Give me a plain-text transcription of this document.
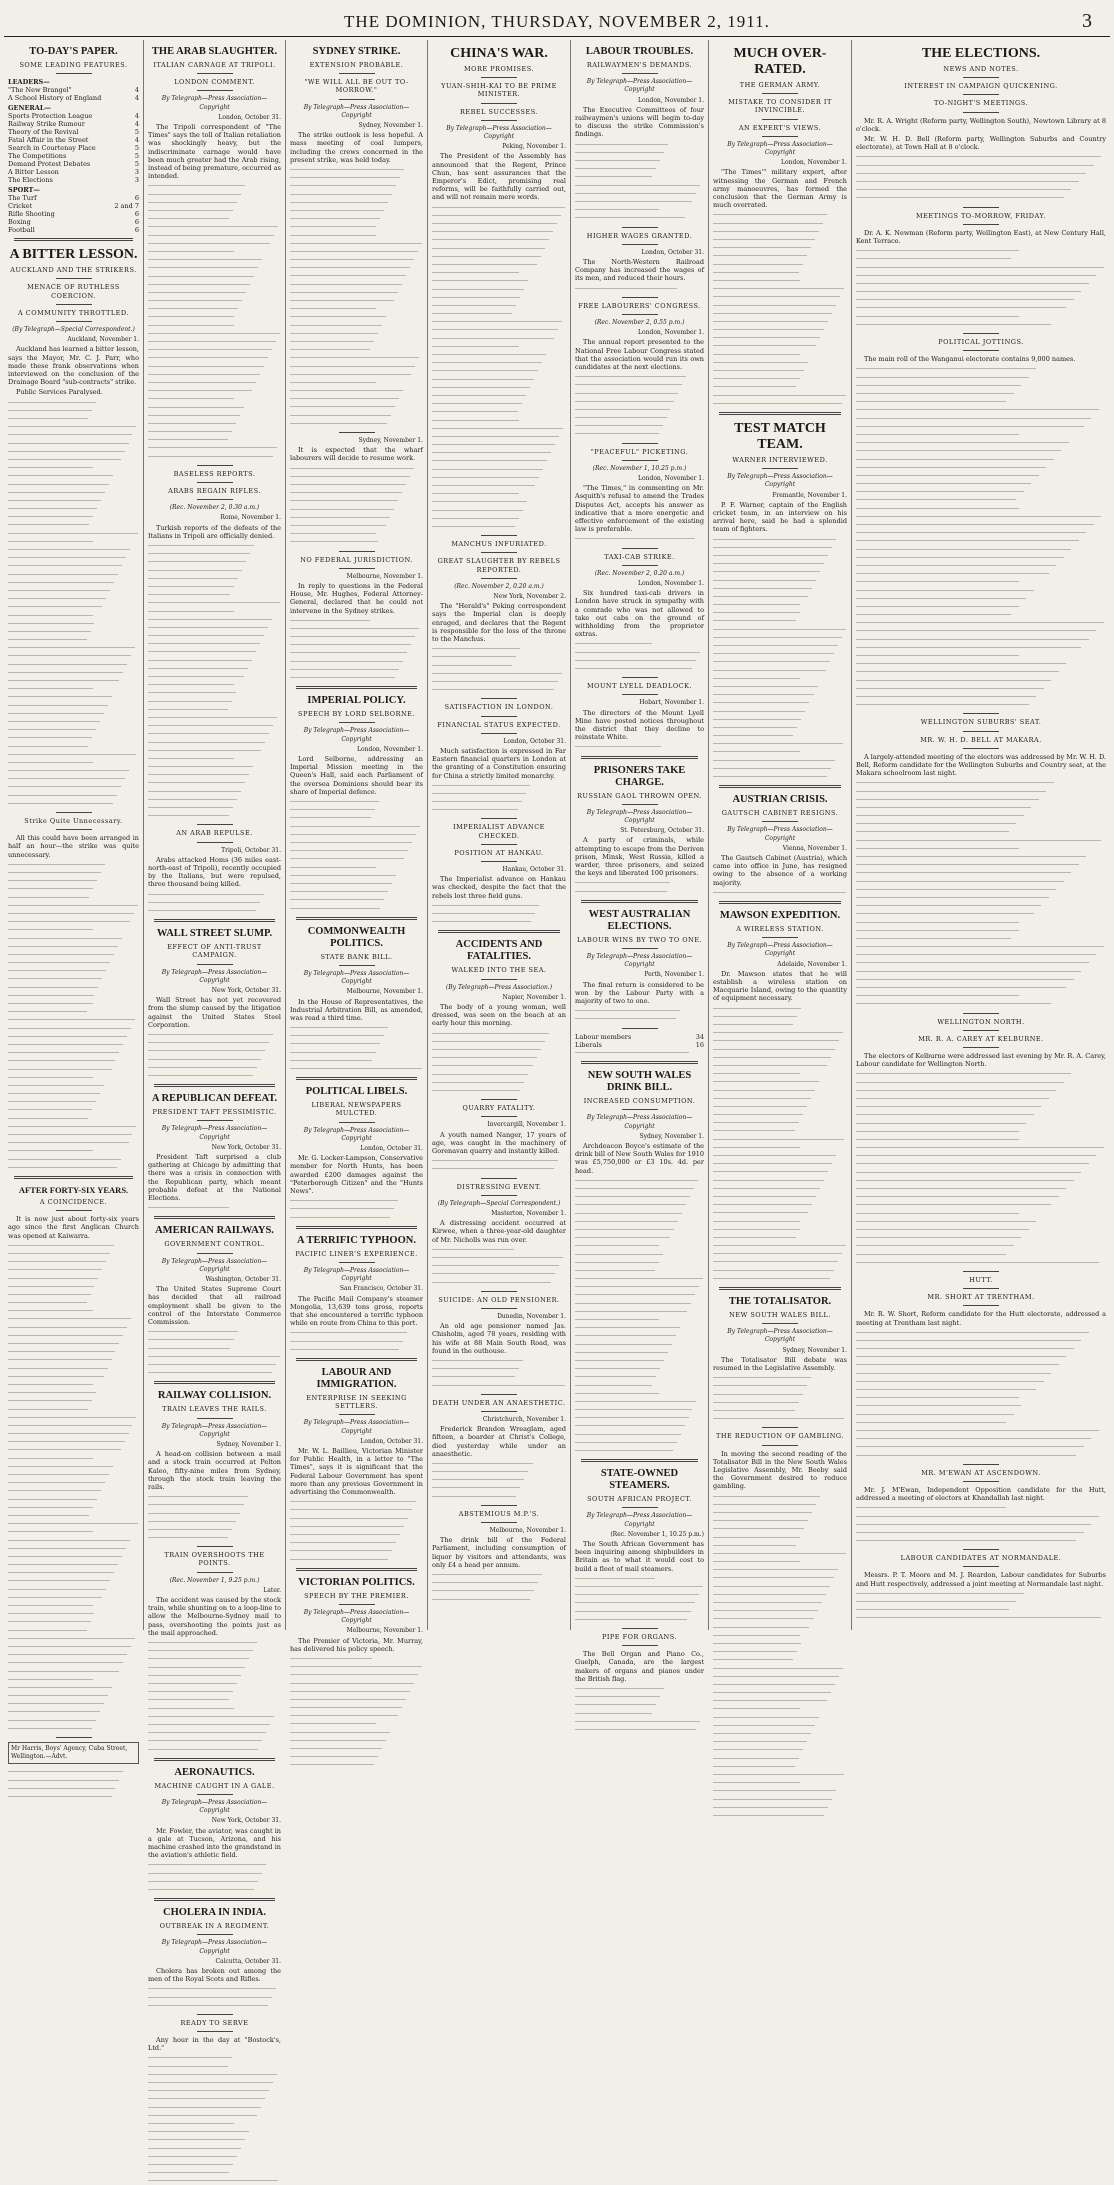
THE DOMINION, THURSDAY, NOVEMBER 2, 1911.	3
TO-DAY'S PAPER.
SOME LEADING FEATURES.
LEADERS—
"The New Brangel"	4
A School History of England	4
GENERAL—
Sports Protection League	4
Railway Strike Rumour	4
Theory of the Revival	5
Fatal Affair in the Street	4
Search in Courtenay Place	5
The Competitions	5
Demand Protest Debates	5
A Bitter Lesson	3
The Elections	3
SPORT—
The Turf	6
Cricket	2 and 7
Rifle Shooting	6
Boxing	6
Football	6
A BITTER LESSON.
AUCKLAND AND THE STRIKERS.
MENACE OF RUTHLESS COERCION.
A COMMUNITY THROTTLED.
(By Telegraph—Special Correspondent.)
Auckland, November 1.

Auckland has learned a bitter lesson, says the Mayor, Mr. C. J. Parr, who made these frank observations when interviewed on the conclusion of the Drainage Board "sub-contracts" strike.

Public Services Paralysed.

Strike Quite Unnecessary.

All this could have been arranged in half an hour—the strike was quite unnecessary.

AFTER FORTY-SIX YEARS.
A COINCIDENCE.

It is now just about forty-six years ago since the first Anglican Church was opened at Kaiwarra.

Mr Harris, Boys' Agency, Cuba Street, Wellington.—Advt.
THE ARAB SLAUGHTER.
ITALIAN CARNAGE AT TRIPOLI.
LONDON COMMENT.
By Telegraph—Press Association—Copyright
London, October 31.

The Tripoli correspondent of "The Times" says the toll of Italian retaliation was shockingly heavy, but the indiscriminate carnage would have been much greater had the Arab rising, instead of being premature, occurred as intended.

BASELESS REPORTS.
ARABS REGAIN RIFLES.
(Rec. November 2, 0.30 a.m.)
Rome, November 1.

Turkish reports of the defeats of the Italians in Tripoli are officially denied.

AN ARAB REPULSE.
Tripoli, October 31.

Arabs attacked Homs (36 miles east-north-east of Tripoli), recently occupied by the Italians, but were repulsed, three thousand being killed.

WALL STREET SLUMP.
EFFECT OF ANTI-TRUST CAMPAIGN.
By Telegraph—Press Association—Copyright
New York, October 31.

Wall Street has not yet recovered from the slump caused by the litigation against the United States Steel Corporation.

A REPUBLICAN DEFEAT.
PRESIDENT TAFT PESSIMISTIC.
By Telegraph—Press Association—Copyright
New York, October 31.

President Taft surprised a club gathering at Chicago by admitting that there was a crisis in connection with the Republican party, which meant probable defeat at the National Elections.

AMERICAN RAILWAYS.
GOVERNMENT CONTROL.
By Telegraph—Press Association—Copyright
Washington, October 31.

The United States Supreme Court has decided that all railroad employment shall be given to the control of the Interstate Commerce Commission.

RAILWAY COLLISION.
TRAIN LEAVES THE RAILS.
By Telegraph—Press Association—Copyright
Sydney, November 1.

A head-on collision between a mail and a stock train occurred at Pelton Kaleo, fifty-nine miles from Sydney, through the stock train leaving the rails.

TRAIN OVERSHOOTS THE POINTS.
(Rec. November 1, 9.25 p.m.)
Later.

The accident was caused by the stock train, while shunting on to a loop-line to allow the Melbourne-Sydney mail to pass, overshooting the points just as the mail approached.

AERONAUTICS.
MACHINE CAUGHT IN A GALE.
By Telegraph—Press Association—Copyright
New York, October 31.

Mr. Fowler, the aviator, was caught in a gale at Tucson, Arizona, and his machine crashed into the grandstand in the aviation's athletic field.

CHOLERA IN INDIA.
OUTBREAK IN A REGIMENT.
By Telegraph—Press Association—Copyright
Calcutta, October 31.

Cholera has broken out among the men of the Royal Scots and Rifles.

READY TO SERVE

Any hour in the day at "Bostock's, Ltd."

SYDNEY STRIKE.
EXTENSION PROBABLE.
"WE WILL ALL BE OUT TO-MORROW."
By Telegraph—Press Association—Copyright
Sydney, November 1.

The strike outlook is less hopeful. A mass meeting of coal lumpers, including the crews concerned in the present strike, was held today.

Sydney, November 1.

It is expected that the wharf labourers will decide to resume work.

NO FEDERAL JURISDICTION.
Melbourne, November 1.

In reply to questions in the Federal House, Mr. Hughes, Federal Attorney-General, declared that he could not intervene in the Sydney strikes.

IMPERIAL POLICY.
SPEECH BY LORD SELBORNE.
By Telegraph—Press Association—Copyright
London, November 1.

Lord Selborne, addressing an Imperial Mission meeting in the Queen's Hall, said each Parliament of the oversea Dominions should bear its share of Imperial defence.

COMMONWEALTH POLITICS.
STATE BANK BILL.
By Telegraph—Press Association—Copyright
Melbourne, November 1.

In the House of Representatives, the Industrial Arbitration Bill, as amended, was read a third time.

POLITICAL LIBELS.
LIBERAL NEWSPAPERS MULCTED.
By Telegraph—Press Association—Copyright
London, October 31.

Mr. G. Locker-Lampson, Conservative member for North Hunts, has been awarded £200 damages against the "Peterborough Citizen" and the "Hunts News".

A TERRIFIC TYPHOON.
PACIFIC LINER'S EXPERIENCE.
By Telegraph—Press Association—Copyright
San Francisco, October 31.

The Pacific Mail Company's steamer Mongolia, 13,639 tons gross, reports that she encountered a terrific typhoon while en route from China to this port.

LABOUR AND IMMIGRATION.
ENTERPRISE IN SEEKING SETTLERS.
By Telegraph—Press Association—Copyright
London, October 31.

Mr. W. L. Baillieu, Victorian Minister for Public Health, in a letter to "The Times", says it is significant that the Federal Labour Government has spent more than any previous Government in advertising the Commonwealth.

VICTORIAN POLITICS.
SPEECH BY THE PREMIER.
By Telegraph—Press Association—Copyright
Melbourne, November 1.

The Premier of Victoria, Mr. Murray, has delivered his policy speech.

CHINA'S WAR.
MORE PROMISES.
YUAN-SHIH-KAI TO BE PRIME MINISTER.
REBEL SUCCESSES.
By Telegraph—Press Association—Copyright
Peking, November 1.

The President of the Assembly has announced that the Regent, Prince Chun, has sent assurances that the Emperor's Edict, promising real reforms, will be faithfully carried out, and will not remain mere words.

MANCHUS INFURIATED.
GREAT SLAUGHTER BY REBELS REPORTED.
(Rec. November 2, 0.20 a.m.)
New York, November 2.

The "Herald's" Peking correspondent says the Imperial clan is deeply enraged, and declares that the Regent is responsible for the loss of the throne to the Manchus.

SATISFACTION IN LONDON.
FINANCIAL STATUS EXPECTED.
London, October 31.

Much satisfaction is expressed in Far Eastern financial quarters in London at the granting of a Constitution ensuring for China a strictly limited monarchy.

IMPERIALIST ADVANCE CHECKED.
POSITION AT HANKAU.
Hankau, October 31.

The Imperialist advance on Hankau was checked, despite the fact that the rebels lost three field guns.

ACCIDENTS AND FATALITIES.
WALKED INTO THE SEA.
(By Telegraph—Press Association.)
Napier, November 1.

The body of a young woman, well dressed, was seen on the beach at an early hour this morning.

QUARRY FATALITY.
Invercargill, November 1.

A youth named Nanger, 17 years of age, was caught in the machinery of Gorenavan quarry and instantly killed.

DISTRESSING EVENT.
(By Telegraph—Special Correspondent.)
Masterton, November 1.

A distressing accident occurred at Kirwee, when a three-year-old daughter of Mr. Nicholls was run over.

SUICIDE: AN OLD PENSIONER.
Dunedin, November 1.

An old age pensioner named Jas. Chisholm, aged 78 years, residing with his wife at 88 Main South Road, was found in the outhouse.

DEATH UNDER AN ANAESTHETIC.
Christchurch, November 1.

Frederick Brandon Wreaglam, aged fifteen, a boarder at Christ's College, died yesterday while under an anaesthetic.

ABSTEMIOUS M.P.'S.
Melbourne, November 1.

The drink bill of the Federal Parliament, including consumption of liquor by visitors and attendants, was only £4 a head per annum.

LABOUR TROUBLES.
RAILWAYMEN'S DEMANDS.
By Telegraph—Press Association—Copyright
London, November 1.

The Executive Committees of four railwaymen's unions will begin to-day to discuss the strike Commission's findings.

HIGHER WAGES GRANTED.
London, October 31.

The North-Western Railroad Company has increased the wages of its men, and reduced their hours.

FREE LABOURERS' CONGRESS.
(Rec. November 2, 0.55 p.m.)
London, November 1.

The annual report presented to the National Free Labour Congress stated that the association would run its own candidates at the next elections.

"PEACEFUL" PICKETING.
(Rec. November 1, 10.25 p.m.)
London, November 1.

"The Times," in commenting on Mr. Asquith's refusal to amend the Trades Disputes Act, accepts his answer as indicative that a more energetic and effective enforcement of the existing law is preferable.

TAXI-CAB STRIKE.
(Rec. November 2, 0.20 a.m.)
London, November 1.

Six hundred taxi-cab drivers in London have struck in sympathy with a comrade who was not allowed to take out cabs on the ground of withholding from the proprietor extras.

MOUNT LYELL DEADLOCK.
Hobart, November 1.

The directors of the Mount Lyell Mine have posted notices throughout the district that they decline to reinstate White.

PRISONERS TAKE CHARGE.
RUSSIAN GAOL THROWN OPEN.
By Telegraph—Press Association—Copyright
St. Petersburg, October 31.

A party of criminals, while attempting to escape from the Deriven prison, Minsk, West Russia, killed a warder, three prisoners, and seized the keys and liberated 100 prisoners.

WEST AUSTRALIAN ELECTIONS.
LABOUR WINS BY TWO TO ONE.
By Telegraph—Press Association—Copyright
Perth, November 1.

The final return is considered to be won by the Labour Party with a majority of two to one.

Labour members	34
Liberals	16
NEW SOUTH WALES DRINK BILL.
INCREASED CONSUMPTION.
By Telegraph—Press Association—Copyright
Sydney, November 1.

Archdeacon Boyce's estimate of the drink bill of New South Wales for 1910 was £5,750,000 or £3 10s. 4d. per head.

STATE-OWNED STEAMERS.
SOUTH AFRICAN PROJECT.
By Telegraph—Press Association—Copyright
(Rec. November 1, 10.25 p.m.)

The South African Government has been inquiring among shipbuilders in Britain as to what it would cost to build a fleet of mail steamers.

PIPE FOR ORGANS.

The Bell Organ and Piano Co., Guelph, Canada, are the largest makers of organs and pianos under the British flag.

MUCH OVER-RATED.
THE GERMAN ARMY.
MISTAKE TO CONSIDER IT INVINCIBLE.
AN EXPERT'S VIEWS.
By Telegraph—Press Association—Copyright
London, November 1.

"The Times'" military expert, after witnessing the German and French army manoeuvres, has formed the conclusion that the German Army is much overrated.

TEST MATCH TEAM.
WARNER INTERVIEWED.
By Telegraph—Press Association—Copyright
Fremantle, November 1.

P. F. Warner, captain of the English cricket team, in an interview on his arrival here, said he had a splendid team of fighters.

AUSTRIAN CRISIS.
GAUTSCH CABINET RESIGNS.
By Telegraph—Press Association—Copyright
Vienna, November 1.

The Gautsch Cabinet (Austria), which came into office in June, has resigned owing to the absence of a working majority.

MAWSON EXPEDITION.
A WIRELESS STATION.
By Telegraph—Press Association—Copyright
Adelaide, November 1.

Dr. Mawson states that he will establish a wireless station on Macquarie Island, owing to the quantity of equipment necessary.

THE TOTALISATOR.
NEW SOUTH WALES BILL.
By Telegraph—Press Association—Copyright
Sydney, November 1.

The Totalisator Bill debate was resumed in the Legislative Assembly.

THE REDUCTION OF GAMBLING.

In moving the second reading of the Totalisator Bill in the New South Wales Legislative Assembly, Mr. Beeby said the Government desired to reduce gambling.

THE ELECTIONS.
NEWS AND NOTES.
INTEREST IN CAMPAIGN QUICKENING.
TO-NIGHT'S MEETINGS.

Mr. R. A. Wright (Reform party, Wellington South), Newtown Library at 8 o'clock.

Mr. W. H. D. Bell (Reform party, Wellington Suburbs and Country electorate), at Town Hall at 8 o'clock.

MEETINGS TO-MORROW, FRIDAY.

Dr. A. K. Newman (Reform party, Wellington East), at New Century Hall, Kent Terrace.

POLITICAL JOTTINGS.

The main roll of the Wanganui electorate contains 9,000 names.

WELLINGTON SUBURBS' SEAT.
MR. W. H. D. BELL AT MAKARA.

A largely-attended meeting of the electors was addressed by Mr. W. H. D. Bell, Reform candidate for the Wellington Suburbs and Country seat, at the Makara schoolroom last night.

WELLINGTON NORTH.
MR. R. A. CAREY AT KELBURNE.

The electors of Kelburne were addressed last evening by Mr. R. A. Carey, Labour candidate for Wellington North.

HUTT.
MR. SHORT AT TRENTHAM.

Mr. R. W. Short, Reform candidate for the Hutt electorate, addressed a meeting at Trentham last night.

MR. M'EWAN AT ASCENDOWN.

Mr. J. M'Ewan, Independent Opposition candidate for the Hutt, addressed a meeting of electors at Khandallah last night.

LABOUR CANDIDATES AT NORMANDALE.

Messrs. P. T. Moore and M. J. Reardon, Labour candidates for Suburbs and Hutt respectively, addressed a joint meeting at Normandale last night.
